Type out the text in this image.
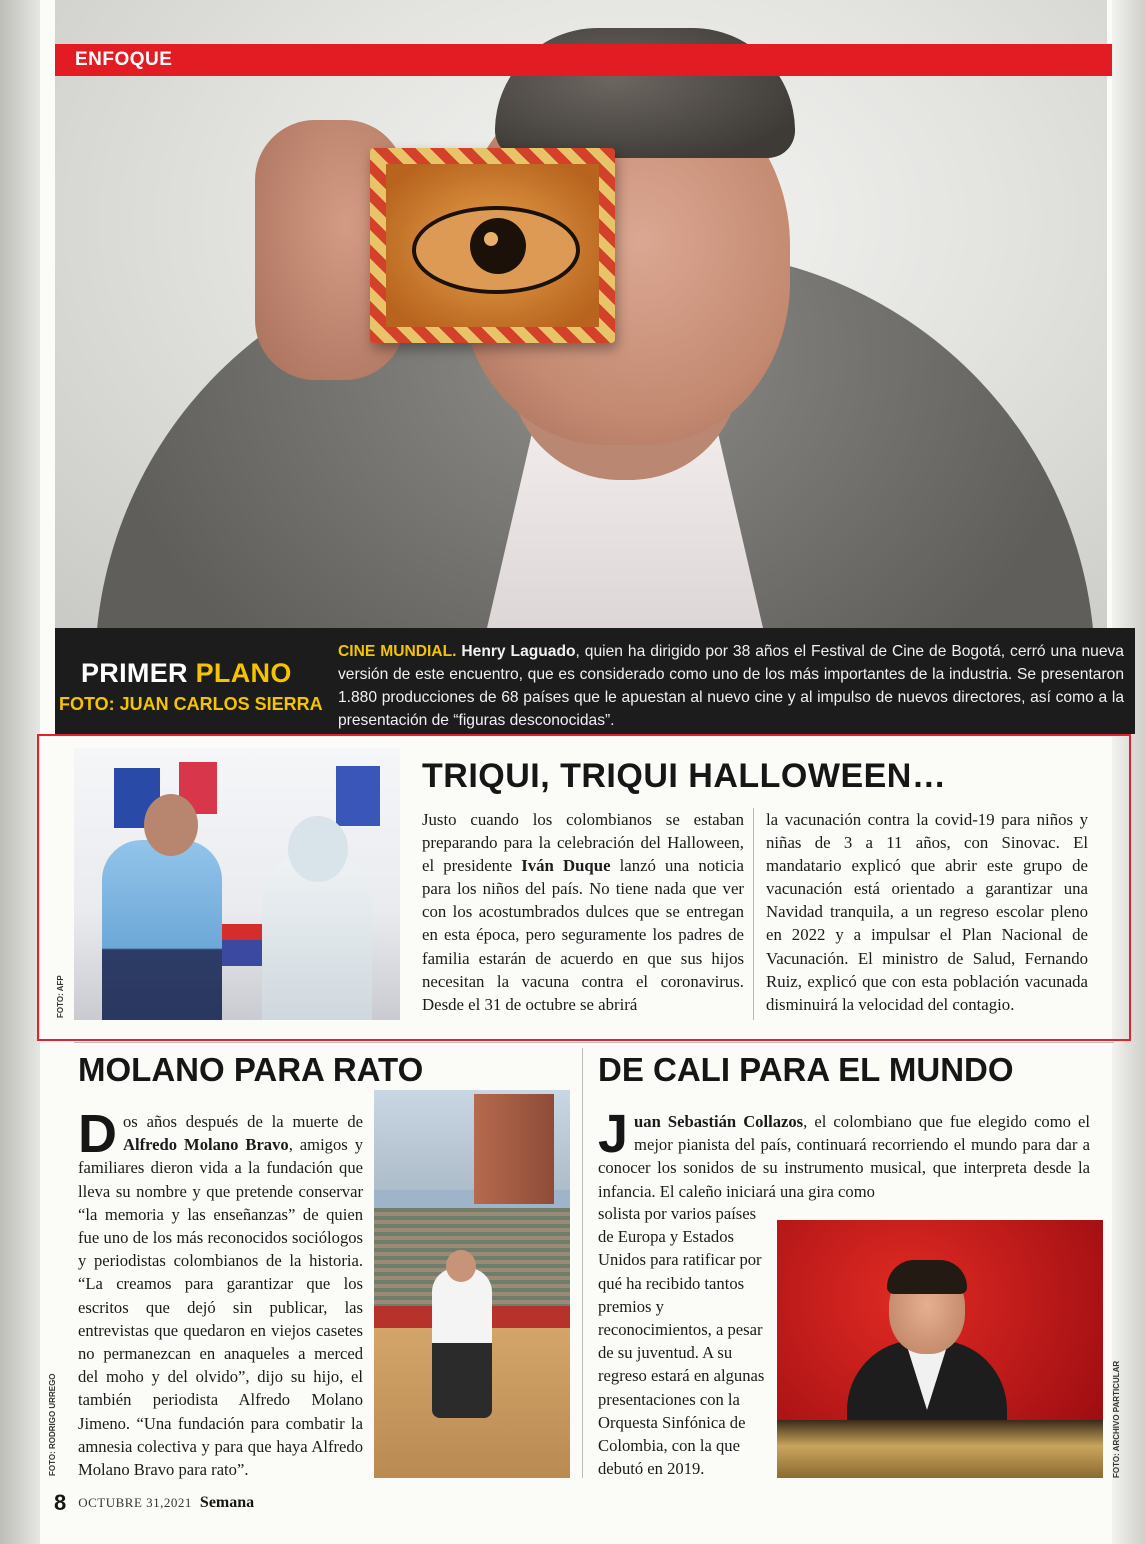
ENFOQUE
PRIMER PLANO
FOTO: JUAN CARLOS SIERRA
CINE MUNDIAL. Henry Laguado, quien ha dirigido por 38 años el Festival de Cine de Bogotá, cerró una nueva versión de este encuentro, que es considerado como uno de los más importantes de la industria. Se presentaron 1.880 producciones de 68 países que le apuestan al nuevo cine y al impulso de nuevos directores, así como a la presentación de “figuras desconocidas”.
FOTO: AFP
TRIQUI, TRIQUI HALLOWEEN…
Justo cuando los colombianos se estaban preparando para la celebración del Halloween, el presidente Iván Duque lanzó una noticia para los niños del país. No tiene nada que ver con los acostumbrados dulces que se entregan en esta época, pero seguramente los padres de familia estarán de acuerdo en que sus hijos necesitan la vacuna contra el coronavirus. Desde el 31 de octubre se abrirá
la vacunación contra la covid-19 para niños y niñas de 3 a 11 años, con Sinovac. El mandatario explicó que abrir este grupo de vacunación está orientado a garantizar una Navidad tranquila, a un regreso escolar pleno en 2022 y a impulsar el Plan Nacional de Vacunación. El ministro de Salud, Fernando Ruiz, explicó que con esta población vacunada disminuirá la velocidad del contagio.
MOLANO PARA RATO
Dos años después de la muerte de Alfredo Molano Bravo, amigos y familiares dieron vida a la fundación que lleva su nombre y que pretende conservar “la memoria y las enseñanzas” de quien fue uno de los más reconocidos sociólogos y periodistas colombianos de la historia. “La creamos para garantizar que los escritos que dejó sin publicar, las entrevistas que quedaron en viejos casetes no permanezcan en anaqueles a merced del moho y del olvido”, dijo su hijo, el también periodista Alfredo Molano Jimeno. “Una fundación para combatir la amnesia colectiva y para que haya Alfredo Molano Bravo para rato”.
FOTO: RODRIGO URREGO
DE CALI PARA EL MUNDO
Juan Sebastián Collazos, el colombiano que fue elegido como el mejor pianista del país, continuará recorriendo el mundo para dar a conocer los sonidos de su instrumento musical, que interpreta desde la infancia. El caleño iniciará una gira como
solista por varios países de Europa y Estados Unidos para ratificar por qué ha recibido tantos premios y reconocimientos, a pesar de su juventud. A su regreso estará en algunas presentaciones con la Orquesta Sinfónica de Colombia, con la que debutó en 2019.	FOTO: ARCHIVO PARTICULAR
8 OCTUBRE 31,2021 Semana
